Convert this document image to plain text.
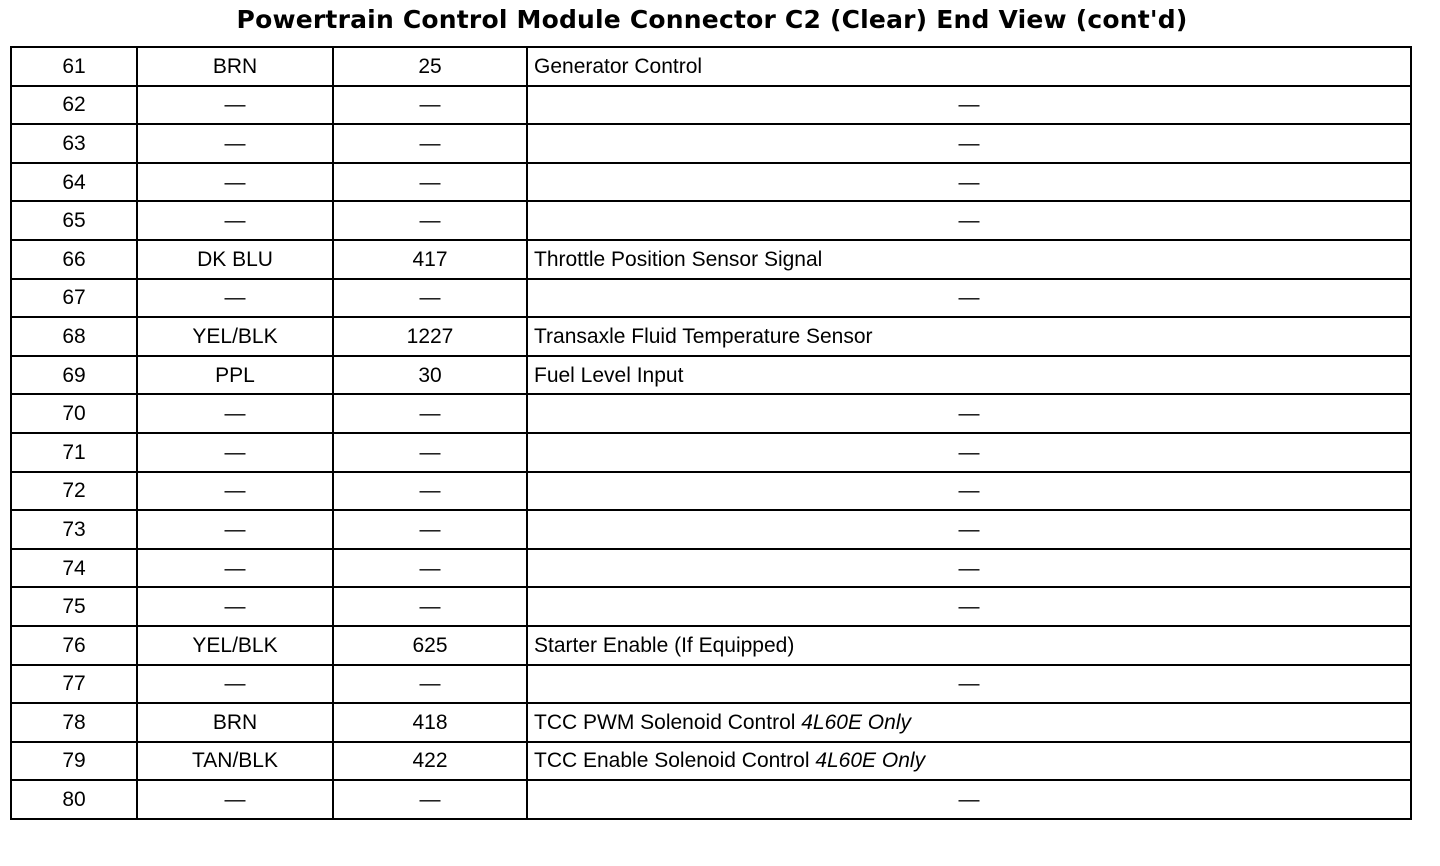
Powertrain Control Module Connector C2 (Clear) End View (cont'd)
61	BRN	25	Generator Control
62	—	—	—
63	—	—	—
64	—	—	—
65	—	—	—
66	DK BLU	417	Throttle Position Sensor Signal
67	—	—	—
68	YEL/BLK	1227	Transaxle Fluid Temperature Sensor
69	PPL	30	Fuel Level Input
70	—	—	—
71	—	—	—
72	—	—	—
73	—	—	—
74	—	—	—
75	—	—	—
76	YEL/BLK	625	Starter Enable (If Equipped)
77	—	—	—
78	BRN	418	TCC PWM Solenoid Control 4L60E Only
79	TAN/BLK	422	TCC Enable Solenoid Control 4L60E Only
80	—	—	—
